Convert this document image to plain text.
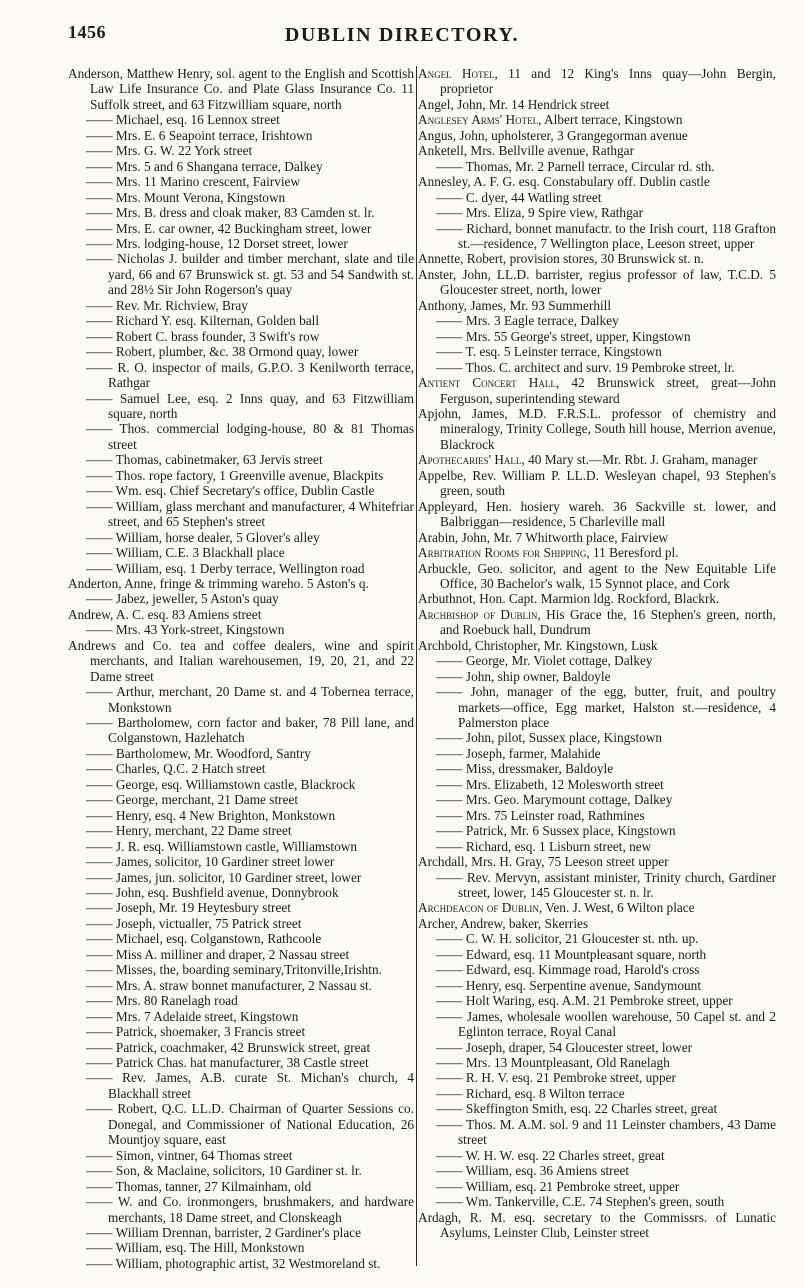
1456	DUBLIN DIRECTORY.
Anderson, Matthew Henry, sol. agent to the English and Scottish Law Life Insurance Co. and Plate Glass Insurance Co. 11 Suffolk street, and 63 Fitzwilliam square, north
—— Michael, esq. 16 Lennox street
—— Mrs. E. 6 Seapoint terrace, Irishtown
—— Mrs. G. W. 22 York street
—— Mrs. 5 and 6 Shangana terrace, Dalkey
—— Mrs. 11 Marino crescent, Fairview
—— Mrs. Mount Verona, Kingstown
—— Mrs. B. dress and cloak maker, 83 Camden st. lr.
—— Mrs. E. car owner, 42 Buckingham street, lower
—— Mrs. lodging-house, 12 Dorset street, lower
—— Nicholas J. builder and timber merchant, slate and tile yard, 66 and 67 Brunswick st. gt. 53 and 54 Sandwith st. and 28½ Sir John Rogerson's quay
—— Rev. Mr. Richview, Bray
—— Richard Y. esq. Kilternan, Golden ball
—— Robert C. brass founder, 3 Swift's row
—— Robert, plumber, &c. 38 Ormond quay, lower
—— R. O. inspector of mails, G.P.O. 3 Kenilworth terrace, Rathgar
—— Samuel Lee, esq. 2 Inns quay, and 63 Fitzwilliam square, north
—— Thos. commercial lodging-house, 80 & 81 Thomas street
—— Thomas, cabinetmaker, 63 Jervis street
—— Thos. rope factory, 1 Greenville avenue, Blackpits
—— Wm. esq. Chief Secretary's office, Dublin Castle
—— William, glass merchant and manufacturer, 4 Whitefriar street, and 65 Stephen's street
—— William, horse dealer, 5 Glover's alley
—— William, C.E. 3 Blackhall place
—— William, esq. 1 Derby terrace, Wellington road
Anderton, Anne, fringe & trimming wareho. 5 Aston's q.
—— Jabez, jeweller, 5 Aston's quay
Andrew, A. C. esq. 83 Amiens street
—— Mrs. 43 York-street, Kingstown
Andrews and Co. tea and coffee dealers, wine and spirit merchants, and Italian warehousemen, 19, 20, 21, and 22 Dame street
—— Arthur, merchant, 20 Dame st. and 4 Tobernea terrace, Monkstown
—— Bartholomew, corn factor and baker, 78 Pill lane, and Colganstown, Hazlehatch
—— Bartholomew, Mr. Woodford, Santry
—— Charles, Q.C. 2 Hatch street
—— George, esq. Williamstown castle, Blackrock
—— George, merchant, 21 Dame street
—— Henry, esq. 4 New Brighton, Monkstown
—— Henry, merchant, 22 Dame street
—— J. R. esq. Williamstown castle, Williamstown
—— James, solicitor, 10 Gardiner street lower
—— James, jun. solicitor, 10 Gardiner street, lower
—— John, esq. Bushfield avenue, Donnybrook
—— Joseph, Mr. 19 Heytesbury street
—— Joseph, victualler, 75 Patrick street
—— Michael, esq. Colganstown, Rathcoole
—— Miss A. milliner and draper, 2 Nassau street
—— Misses, the, boarding seminary,Tritonville,Irishtn.
—— Mrs. A. straw bonnet manufacturer, 2 Nassau st.
—— Mrs. 80 Ranelagh road
—— Mrs. 7 Adelaide street, Kingstown
—— Patrick, shoemaker, 3 Francis street
—— Patrick, coachmaker, 42 Brunswick street, great
—— Patrick Chas. hat manufacturer, 38 Castle street
—— Rev. James, A.B. curate St. Michan's church, 4 Blackhall street
—— Robert, Q.C. LL.D. Chairman of Quarter Sessions co. Donegal, and Commissioner of National Education, 26 Mountjoy square, east
—— Simon, vintner, 64 Thomas street
—— Son, & Maclaine, solicitors, 10 Gardiner st. lr.
—— Thomas, tanner, 27 Kilmainham, old
—— W. and Co. ironmongers, brushmakers, and hardware merchants, 18 Dame street, and Clonskeagh
—— William Drennan, barrister, 2 Gardiner's place
—— William, esq. The Hill, Monkstown
—— William, photographic artist, 32 Westmoreland st.
Angel Hotel, 11 and 12 King's Inns quay—John Bergin, proprietor
Angel, John, Mr. 14 Hendrick street
Anglesey Arms' Hotel, Albert terrace, Kingstown
Angus, John, upholsterer, 3 Grangegorman avenue
Anketell, Mrs. Bellville avenue, Rathgar
—— Thomas, Mr. 2 Parnell terrace, Circular rd. sth.
Annesley, A. F. G. esq. Constabulary off. Dublin castle
—— C. dyer, 44 Watling street
—— Mrs. Eliza, 9 Spire view, Rathgar
—— Richard, bonnet manufactr. to the Irish court, 118 Grafton st.—residence, 7 Wellington place, Leeson street, upper
Annette, Robert, provision stores, 30 Brunswick st. n.
Anster, John, LL.D. barrister, regius professor of law, T.C.D. 5 Gloucester street, north, lower
Anthony, James, Mr. 93 Summerhill
—— Mrs. 3 Eagle terrace, Dalkey
—— Mrs. 55 George's street, upper, Kingstown
—— T. esq. 5 Leinster terrace, Kingstown
—— Thos. C. architect and surv. 19 Pembroke street, lr.
Antient Concert Hall, 42 Brunswick street, great—John Ferguson, superintending steward
Apjohn, James, M.D. F.R.S.L. professor of chemistry and mineralogy, Trinity College, South hill house, Merrion avenue, Blackrock
Apothecaries' Hall, 40 Mary st.—Mr. Rbt. J. Graham, manager
Appelbe, Rev. William P. LL.D. Wesleyan chapel, 93 Stephen's green, south
Appleyard, Hen. hosiery wareh. 36 Sackville st. lower, and Balbriggan—residence, 5 Charleville mall
Arabin, John, Mr. 7 Whitworth place, Fairview
Arbitration Rooms for Shipping, 11 Beresford pl.
Arbuckle, Geo. solicitor, and agent to the New Equitable Life Office, 30 Bachelor's walk, 15 Synnot place, and Cork
Arbuthnot, Hon. Capt. Marmion ldg. Rockford, Blackrk.
Archbishop of Dublin, His Grace the, 16 Stephen's green, north, and Roebuck hall, Dundrum
Archbold, Christopher, Mr. Kingstown, Lusk
—— George, Mr. Violet cottage, Dalkey
—— John, ship owner, Baldoyle
—— John, manager of the egg, butter, fruit, and poultry markets—office, Egg market, Halston st.—residence, 4 Palmerston place
—— John, pilot, Sussex place, Kingstown
—— Joseph, farmer, Malahide
—— Miss, dressmaker, Baldoyle
—— Mrs. Elizabeth, 12 Molesworth street
—— Mrs. Geo. Marymount cottage, Dalkey
—— Mrs. 75 Leinster road, Rathmines
—— Patrick, Mr. 6 Sussex place, Kingstown
—— Richard, esq. 1 Lisburn street, new
Archdall, Mrs. H. Gray, 75 Leeson street upper
—— Rev. Mervyn, assistant minister, Trinity church, Gardiner street, lower, 145 Gloucester st. n. lr.
Archdeacon of Dublin, Ven. J. West, 6 Wilton place
Archer, Andrew, baker, Skerries
—— C. W. H. solicitor, 21 Gloucester st. nth. up.
—— Edward, esq. 11 Mountpleasant square, north
—— Edward, esq. Kimmage road, Harold's cross
—— Henry, esq. Serpentine avenue, Sandymount
—— Holt Waring, esq. A.M. 21 Pembroke street, upper
—— James, wholesale woollen warehouse, 50 Capel st. and 2 Eglinton terrace, Royal Canal
—— Joseph, draper, 54 Gloucester street, lower
—— Mrs. 13 Mountpleasant, Old Ranelagh
—— R. H. V. esq. 21 Pembroke street, upper
—— Richard, esq. 8 Wilton terrace
—— Skeffington Smith, esq. 22 Charles street, great
—— Thos. M. A.M. sol. 9 and 11 Leinster chambers, 43 Dame street
—— W. H. W. esq. 22 Charles street, great
—— William, esq. 36 Amiens street
—— William, esq. 21 Pembroke street, upper
—— Wm. Tankerville, C.E. 74 Stephen's green, south
Ardagh, R. M. esq. secretary to the Commissrs. of Lunatic Asylums, Leinster Club, Leinster street
